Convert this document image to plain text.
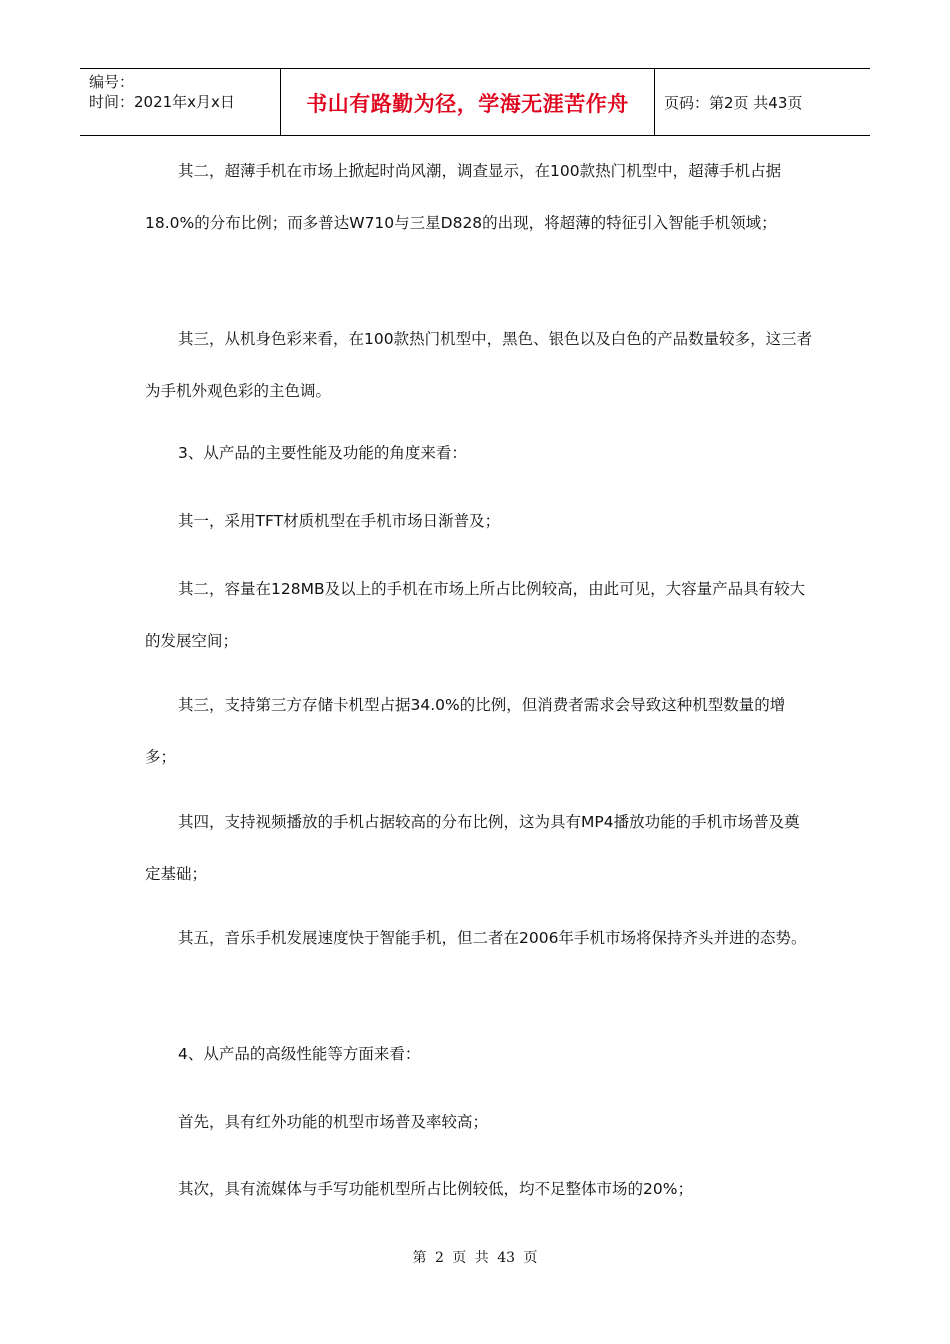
编号：
时间：2021年x月x日	书山有路勤为径，学海无涯苦作舟	页码：第2页 共43页

其二，超薄手机在市场上掀起时尚风潮，调查显示，在100款热门机型中，超薄手机占据18.0%的分布比例；而多普达W710与三星D828的出现，将超薄的特征引入智能手机领域；

其三，从机身色彩来看，在100款热门机型中，黑色、银色以及白色的产品数量较多，这三者为手机外观色彩的主色调。

3、从产品的主要性能及功能的角度来看：

其一，采用TFT材质机型在手机市场日渐普及；

其二，容量在128MB及以上的手机在市场上所占比例较高，由此可见，大容量产品具有较大的发展空间；

其三，支持第三方存储卡机型占据34.0%的比例，但消费者需求会导致这种机型数量的增多；

其四，支持视频播放的手机占据较高的分布比例，这为具有MP4播放功能的手机市场普及奠定基础；

其五，音乐手机发展速度快于智能手机，但二者在2006年手机市场将保持齐头并进的态势。

4、从产品的高级性能等方面来看：

首先，具有红外功能的机型市场普及率较高；

其次，具有流媒体与手写功能机型所占比例较低，均不足整体市场的20%；

第 2 页 共 43 页
